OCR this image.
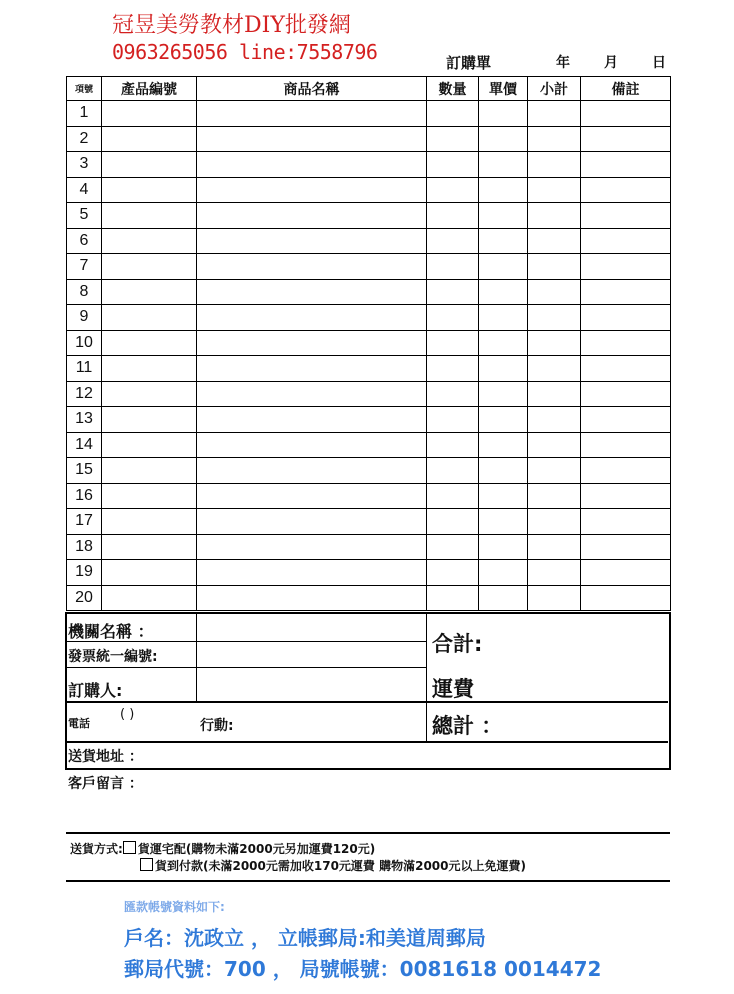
冠昱美勞教材DIY批發網
0963265056 line:7558796	訂購單	年 月 日
項號	產品編號	商品名稱	數量	單價	小計	備註
1						
2						
3						
4						
5						
6						
7						
8						
9						
10						
11						
12						
13						
14						
15						
16						
17						
18						
19						
20						
機關名稱 ：
發票統一編號:
訂購人:
電話
( )
行動:
合計:
運費
總計 ：
送貨地址 ：
客戶留言 ：
送貨方式: 貨運宅配(購物未滿2000元另加運費120元)
貨到付款(未滿2000元需加收170元運費 購物滿2000元以上免運費)
匯款帳號資料如下:
戶名：沈政立 ， 立帳郵局:和美道周郵局
郵局代號：700 ， 局號帳號：0081618 0014472
